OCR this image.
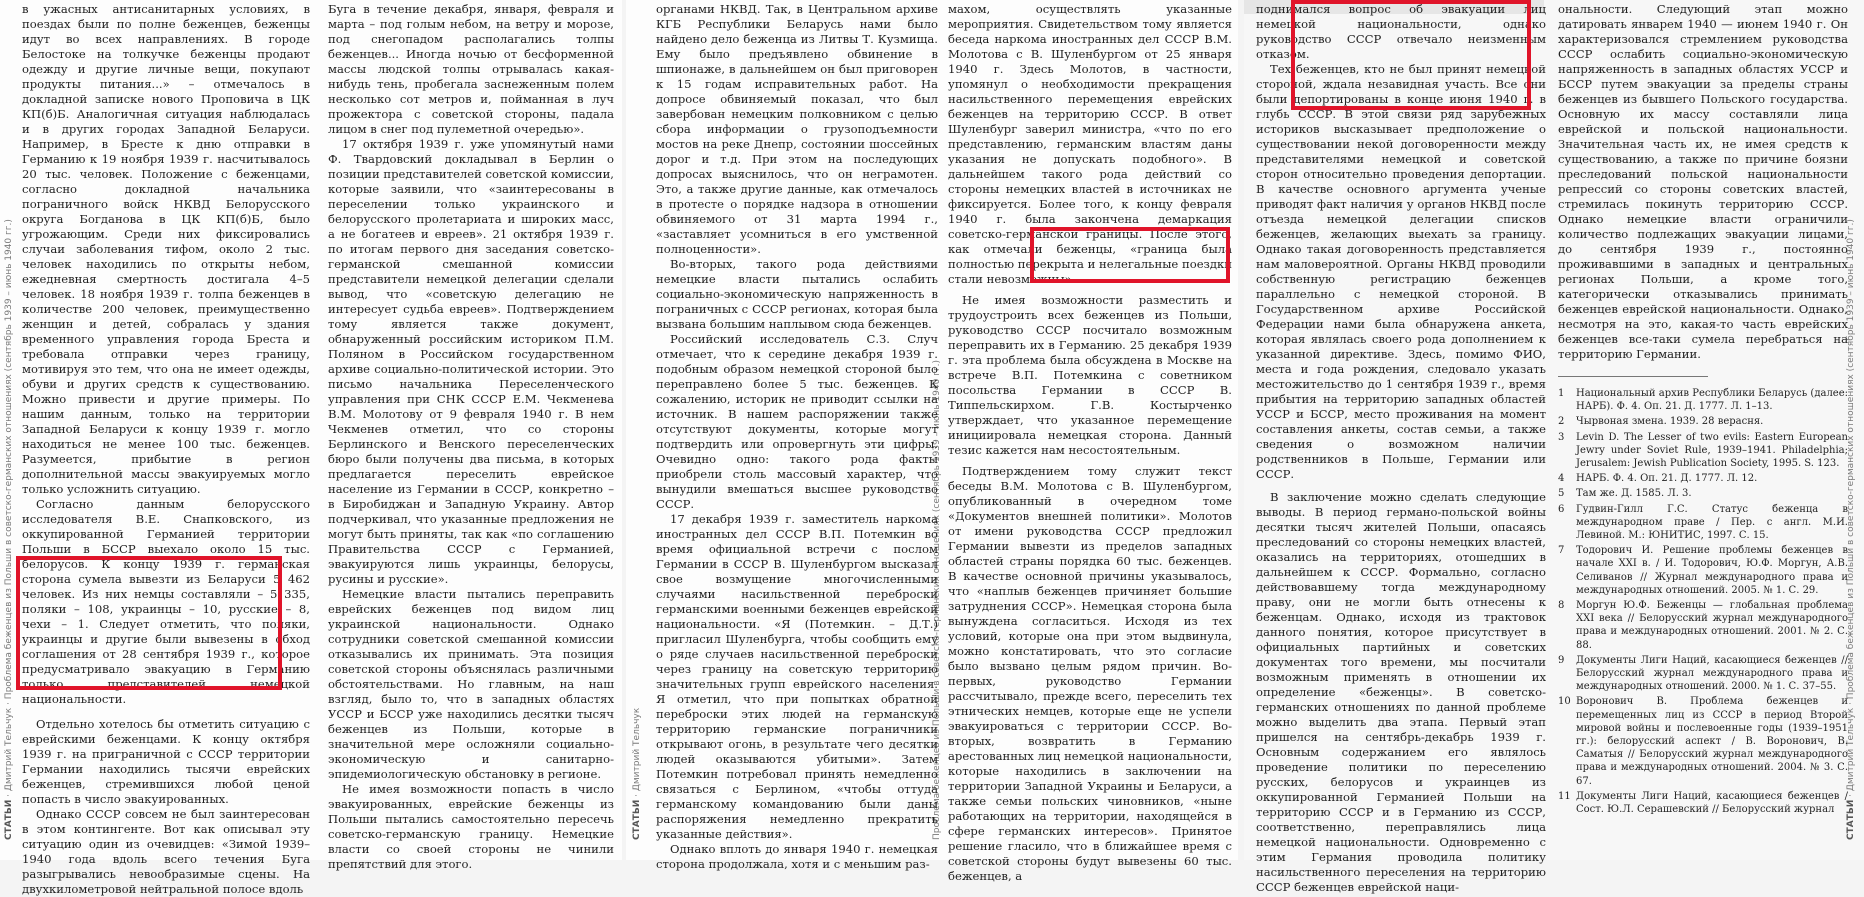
СТАТЬИ · Дмитрий Тельчук · Проблема беженцев из Польши в советско-германских отношениях (сентябрь 1939 – июнь 1940 гг.)

в ужасных антисанитарных условиях, в поездах были по полне беженцев, беженцы идут во всех направлениях. В городе Белостоке на толкучке беженцы продают одежду и другие личные вещи, покупают продукты питания...» – отмечалось в докладной записке нового Проповича в ЦК КП(б)Б. Аналогичная ситуация наблюдалась и в других городах Западной Беларуси. Например, в Бресте к дню отправки в Германию к 19 ноября 1939 г. насчитывалось 20 тыс. человек. Положение с беженцами, согласно докладной начальника пограничного войск НКВД Белорусского округа Богданова в ЦК КП(б)Б, было угрожающим. Среди них фиксировались случаи заболевания тифом, около 2 тыс. человек находились по открыты небом, ежедневная смертность достигала 4–5 человек. 18 ноября 1939 г. толпа беженцев в количестве 200 человек, преимущественно женщин и детей, собралась у здания временного управления города Бреста и требовала отправки через границу, мотивируя это тем, что она не имеет одежды, обуви и других средств к существованию. Можно привести и другие примеры. По нашим данным, только на территории Западной Беларуси к концу 1939 г. могло находиться не менее 100 тыс. беженцев. Разумеется, прибытие в регион дополнительной массы эвакуируемых могло только усложнить ситуацию.

Согласно данным белорусского исследователя В.Е. Снапковского, из оккупированной Германией территории Польши в БССР выехало около 15 тыс. белорусов. К концу 1939 г. германская сторона сумела вывезти из Беларуси 5 462 человек. Из них немцы составляли – 5 335, поляки – 108, украинцы – 10, русские – 8, чехи – 1. Следует отметить, что поляки, украинцы и другие были вывезены в обход соглашения от 28 сентября 1939 г., которое предусматривало эвакуацию в Германию только представителей немецкой национальности.

Отдельно хотелось бы отметить ситуацию с еврейскими беженцами. К концу октября 1939 г. на приграничной с СССР территории Германии находились тысячи еврейских беженцев, стремившихся любой ценой попасть в число эвакуированных.

Однако СССР совсем не был заинтересован в этом контингенте. Вот как описывал эту ситуацию один из очевидцев: «Зимой 1939–1940 года вдоль всего течения Буга разыгрывались невообразимые сцены. На двухкилометровой нейтральной полосе вдоль

Буга в течение декабря, января, февраля и марта – под голым небом, на ветру и морозе, под снегопадом располагались толпы беженцев... Иногда ночью от бесформенной массы людской толпы отрывалась какая-нибудь тень, пробегала заснеженным полем несколько сот метров и, пойманная в луч прожектора с советской стороны, падала лицом в снег под пулеметной очередью».

17 октября 1939 г. уже упомянутый нами Ф. Твардовский докладывал в Берлин о позиции представителей советской комиссии, которые заявили, что «заинтересованы в переселении только украинского и белорусского пролетариата и широких масс, а не богатеев и евреев». 21 октября 1939 г. по итогам первого дня заседания советско-германской смешанной комиссии представители немецкой делегации сделали вывод, что «советскую делегацию не интересует судьба евреев». Подтверждением тому является также документ, обнаруженный российским историком П.М. Поляном в Российском государственном архиве социально-политической истории. Это письмо начальника Переселенческого управления при СНК СССР Е.М. Чекменева В.М. Молотову от 9 февраля 1940 г. В нем Чекменев отметил, что со стороны Берлинского и Венского переселенческих бюро были получены два письма, в которых предлагается переселить еврейское население из Германии в СССР, конкретно – в Биробиджан и Западную Украину. Автор подчеркивал, что указанные предложения не могут быть приняты, так как «по соглашению Правительства СССР с Германией, эвакуируются лишь украинцы, белорусы, русины и русские».

Немецкие власти пытались переправить еврейских беженцев под видом лиц украинской национальности. Однако сотрудники советской смешанной комиссии отказывались их принимать. Эта позиция советской стороны объяснялась различными обстоятельствами. Но главным, на наш взгляд, было то, что в западных областях УССР и БССР уже находились десятки тысяч беженцев из Польши, которые в значительной мере осложняли социально-экономическую и санитарно-эпидемиологическую обстановку в регионе.

Не имея возможности попасть в число эвакуированных, еврейские беженцы из Польши пытались самостоятельно пересечь советско-германскую границу. Немецкие власти со своей стороны не чинили препятствий для этого.

СТАТЬИ · Дмитрий Тельчук	Проблема беженцев из Польши в советско-германских отношениях (сентябрь 1939 – июнь 1940 гг.)

органами НКВД. Так, в Центральном архиве КГБ Республики Беларусь нами было найдено дело беженца из Литвы Т. Кузмища. Ему было предъявлено обвинение в шпионаже, в дальнейшем он был приговорен к 15 годам исправительных работ. На допросе обвиняемый показал, что был завербован немецким полковником с целью сбора информации о грузоподъемности мостов на реке Днепр, состоянии шоссейных дорог и т.д. При этом на последующих допросах выяснилось, что он неграмотен. Это, а также другие данные, как отмечалось в протесте о порядке надзора в отношении обвиняемого от 31 марта 1994 г., «заставляет усомниться в его умственной полноценности».

Во-вторых, такого рода действиями немецкие власти пытались ослабить социально-экономическую напряженность в пограничных с СССР регионах, которая была вызвана большим наплывом сюда беженцев.

Российский исследователь С.З. Случ отмечает, что к середине декабря 1939 г. подобным образом немецкой стороной было переправлено более 5 тыс. беженцев. К сожалению, историк не приводит ссылки на источник. В нашем распоряжении также отсутствуют документы, которые могут подтвердить или опровергнуть эти цифры. Очевидно одно: такого рода факты приобрели столь массовый характер, что вынудили вмешаться высшее руководство СССР.

17 декабря 1939 г. заместитель наркома иностранных дел СССР В.П. Потемкин во время официальной встречи с послом Германии в СССР В. Шуленбургом высказал свое возмущение многочисленными случаями насильственной переброски германскими военными беженцев еврейской национальности. «Я (Потемкин. – Д.Т.) пригласил Шуленбурга, чтобы сообщить ему о ряде случаев насильственной переброски через границу на советскую территорию значительных групп еврейского населения. Я отметил, что при попытках обратной переброски этих людей на германскую территорию германские пограничники открывают огонь, в результате чего десятки людей оказываются убитыми». Затем Потемкин потребовал принять немедленно связаться с Берлином, «чтобы оттуда германскому командованию были даны распоряжения немедленно прекратить указанные действия».

Однако вплоть до января 1940 г. немецкая сторона продолжала, хотя и с меньшим раз-

махом, осуществлять указанные мероприятия. Свидетельством тому является беседа наркома иностранных дел СССР В.М. Молотова с В. Шуленбургом от 25 января 1940 г. Здесь Молотов, в частности, упомянул о необходимости прекращения насильственного перемещения еврейских беженцев на территорию СССР. В ответ Шуленбург заверил министра, «что по его представлению, германским властям даны указания не допускать подобного». В дальнейшем такого рода действий со стороны немецких властей в источниках не фиксируется. Более того, к концу февраля 1940 г. была закончена демаркация советско-германской границы. После этого, как отмечали беженцы, «граница была полностью перекрыта и нелегальные поездки стали невозможны».

Не имея возможности разместить и трудоустроить всех беженцев из Польши, руководство СССР посчитало возможным переправить их в Германию. 25 декабря 1939 г. эта проблема была обсуждена в Москве на встрече В.П. Потемкина с советником посольства Германии в СССР В. Типпельскирхом. Г.В. Костырченко утверждает, что указанное перемещение инициировала немецкая сторона. Данный тезис кажется нам несостоятельным.

Подтверждением тому служит текст беседы В.М. Молотова с В. Шуленбургом, опубликованный в очередном томе «Документов внешней политики». Молотов от имени руководства СССР предложил Германии вывезти из пределов западных областей страны порядка 60 тыс. беженцев. В качестве основной причины указывалось, что «наплыв беженцев причиняет большие затруднения СССР». Немецкая сторона была вынуждена согласиться. Исходя из тех условий, которые она при этом выдвинула, можно констатировать, что это согласие было вызвано целым рядом причин. Во-первых, руководство Германии рассчитывало, прежде всего, переселить тех этнических немцев, которые еще не успели эвакуироваться с территории СССР. Во-вторых, возвратить в Германию арестованных лиц немецкой национальности, которые находились в заключении на территории Западной Украины и Беларуси, а также семьи польских чиновников, «ныне работающих на территории, находящейся в сфере германских интересов». Принятое решение гласило, что в ближайшее время с советской стороны будут вывезены 60 тыс. беженцев, а

СТАТЬИ · Дмитрий Тельчук · Проблема беженцев из Польши в советско-германских отношениях (сентябрь 1939 – июнь 1940 гг.)

поднимался вопрос об эвакуации лиц немецкой национальности, однако руководство СССР отвечало неизменным отказом.

Тех беженцев, кто не был принят немецкой стороной, ждала незавидная участь. Все они были депортированы в конце июня 1940 г. в глубь СССР. В этой связи ряд зарубежных историков высказывает предположение о существовании некой договоренности между представителями немецкой и советской сторон относительно проведения депортации. В качестве основного аргумента ученые приводят факт наличия у органов НКВД после отъезда немецкой делегации списков беженцев, желающих выехать за границу. Однако такая договоренность представляется нам маловероятной. Органы НКВД проводили собственную регистрацию беженцев параллельно с немецкой стороной. В Государственном архиве Российской Федерации нами была обнаружена анкета, которая являлась своего рода дополнением к указанной директиве. Здесь, помимо ФИО, места и года рождения, следовало указать местожительство до 1 сентября 1939 г., время прибытия на территорию западных областей УССР и БССР, место проживания на момент составления анкеты, состав семьи, а также сведения о возможном наличии родственников в Польше, Германии или СССР.

В заключение можно сделать следующие выводы. В период германо-польской войны десятки тысяч жителей Польши, опасаясь преследований со стороны немецких властей, оказались на территориях, отошедших в дальнейшем к СССР. Формально, согласно действовавшему тогда международному праву, они не могли быть отнесены к беженцам. Однако, исходя из трактовок данного понятия, которое присутствует в официальных партийных и советских документах того времени, мы посчитали возможным применять в отношении их определение «беженцы». В советско-германских отношениях по данной проблеме можно выделить два этапа. Первый этап пришелся на сентябрь-декабрь 1939 г. Основным содержанием его являлось проведение политики по переселению русских, белорусов и украинцев из оккупированной Германией Польши на территорию СССР и в Германию из СССР, соответственно, переправлялись лица немецкой национальности. Одновременно с этим Германия проводила политику насильственного переселения на территорию СССР беженцев еврейской наци-

ональности. Следующий этап можно датировать январем 1940 — июнем 1940 г. Он характеризовался стремлением руководства СССР ослабить социально-экономическую напряженность в западных областях УССР и БССР путем эвакуации за пределы страны беженцев из бывшего Польского государства. Основную их массу составляли лица еврейской и польской национальности. Значительная часть их, не имея средств к существованию, а также по причине боязни преследований польской национальности репрессий со стороны советских властей, стремилась покинуть территорию СССР. Однако немецкие власти ограничили количество подлежащих эвакуации лицами, до сентября 1939 г., постоянно проживавшими в западных и центральных регионах Польши, а кроме того, категорически отказывались принимать беженцев еврейской национальности. Однако, несмотря на это, какая-то часть еврейских беженцев все-таки сумела перебраться на территорию Германии.

1 Национальный архив Республики Беларусь (далее: НАРБ). Ф. 4. Оп. 21. Д. 1777. Л. 1–13.

2 Чырвоная змена. 1939. 28 верасня.

3 Levin D. The Lesser of two evils: Eastern European Jewry under Soviet Rule, 1939–1941. Philadelphia; Jerusalem: Jewish Publication Society, 1995. S. 123.

4 НАРБ. Ф. 4. Оп. 21. Д. 1777. Л. 12.

5 Там же. Д. 1585. Л. 3.

6 Гудвин-Гилл Г.С. Статус беженца в международном праве / Пер. с англ. М.И. Левиной. М.: ЮНИТИС, 1997. С. 15.

7 Тодорович И. Решение проблемы беженцев в начале XXI в. / И. Тодорович, Ю.Ф. Моргун, А.В. Селиванов // Журнал международного права и международных отношений. 2005. № 1. С. 29.

8 Моргун Ю.Ф. Беженцы — глобальная проблема XXI века // Белорусский журнал международного права и международных отношений. 2001. № 2. С. 88.

9 Документы Лиги Наций, касающиеся беженцев // Белорусский журнал международного права и международных отношений. 2000. № 1. С. 37–55.

10 Воронович В. Проблема беженцев и перемещенных лиц из СССР в период Второй мировой войны и послевоенные годы (1939–1951 гг.): белорусский аспект / В. Воронович, В. Саматыя // Белорусский журнал международного права и международных отношений. 2004. № 3. С. 67.

11 Документы Лиги Наций, касающиеся беженцев / Сост. Ю.Л. Серашевский // Белорусский журнал
